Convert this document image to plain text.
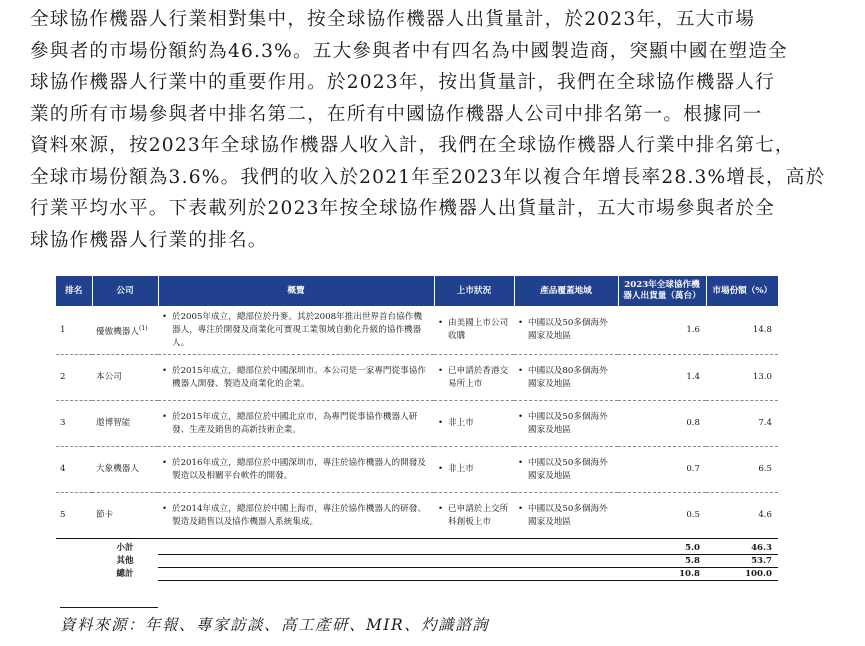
全球協作機器人行業相對集中，按全球協作機器人出貨量計，於2023年，五大市場
參與者的市場份額約為46.3%。五大參與者中有四名為中國製造商，突顯中國在塑造全
球協作機器人行業中的重要作用。於2023年，按出貨量計，我們在全球協作機器人行
業的所有市場參與者中排名第二，在所有中國協作機器人公司中排名第一。根據同一
資料來源，按2023年全球協作機器人收入計，我們在全球協作機器人行業中排名第七，
全球市場份額為3.6%。我們的收入於2021年至2023年以複合年增長率28.3%增長，高於
行業平均水平。下表載列於2023年按全球協作機器人出貨量計，五大市場參與者於全
球協作機器人行業的排名。
排名	公司	概覽	上市狀況	產品覆蓋地域	2023年全球協作機器人出貨量（萬台）	市場份額（%）
1	優傲機器人$^{(1)}$	• 於2005年成立，總部位於丹麥。其於2008年推出世界首台協作機器人，專注於開發及商業化可實現工業領域自動化升級的協作機器人。	• 由美國上市公司收購	• 中國以及50多個海外國家及地區	1.6	14.8
2	本公司	• 於2015年成立，總部位於中國深圳市。本公司是一家專門從事協作機器人開發、製造及商業化的企業。	• 已申請於香港交易所上市	• 中國以及80多個海外國家及地區	1.4	13.0
3	遨博智能	• 於2015年成立，總部位於中國北京市，為專門從事協作機器人研發、生產及銷售的高新技術企業。	• 非上市	• 中國以及50多個海外國家及地區	0.8	7.4
4	大象機器人	• 於2016年成立，總部位於中國深圳市，專注於協作機器人的開發及製造以及相關平台軟件的開發。	• 非上市	• 中國以及50多個海外國家及地區	0.7	6.5
5	節卡	• 於2014年成立，總部位於中國上海市，專注於協作機器人的研發、製造及銷售以及協作機器人系統集成。	• 已申請於上交所科創板上市	• 中國以及50多個海外國家及地區	0.5	4.6
	小計				5.0	46.3
	其他				5.8	53.7
	總計				10.8	100.0
資料來源：年報、專家訪談、高工產研、MIR、灼識諮詢
